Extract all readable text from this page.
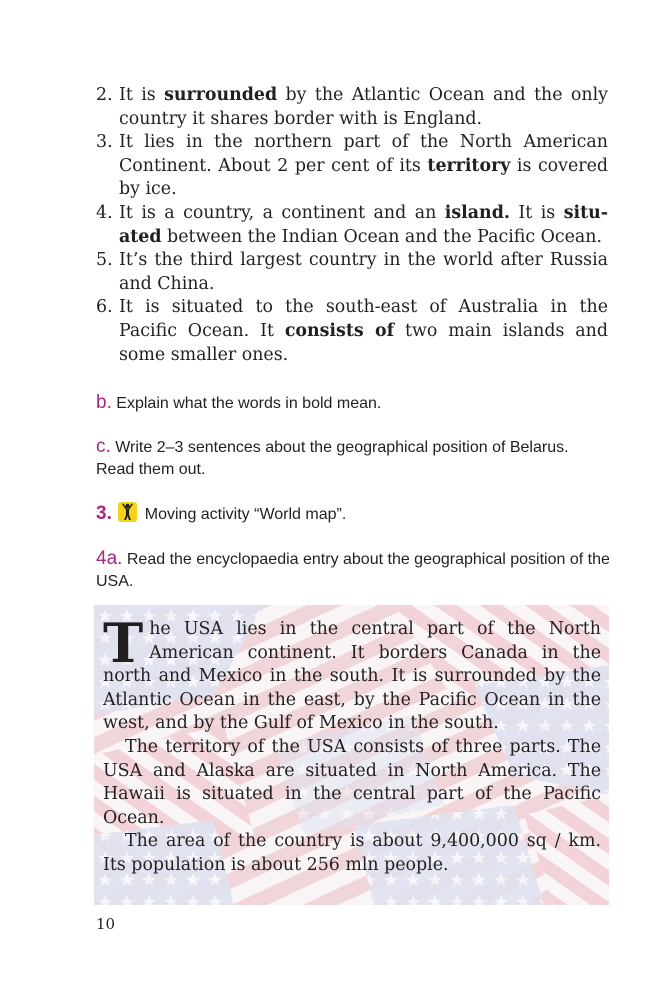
2. It is surrounded by the Atlantic Ocean and the only country it shares border with is England.
3. It lies in the northern part of the North American Continent. About 2 per cent of its territory is covered by ice.
4. It is a country, a continent and an island. It is situated between the Indian Ocean and the Pacific Ocean.
5. It’s the third largest country in the world after Russia and China.
6. It is situated to the south-east of Australia in the Pacific Ocean. It consists of two main islands and some smaller ones.
b. Explain what the words in bold mean.
c. Write 2–3 sentences about the geographical position of Belarus. Read them out.
3.
Moving activity “World map”.
4a. Read the encyclopaedia entry about the geographical position of the USA.

The USA lies in the central part of the North American continent. It borders Canada in the north and Mexico in the south. It is surrounded by the Atlantic Ocean in the east, by the Pacific Ocean in the west, and by the Gulf of Mexico in the south.

The territory of the USA consists of three parts. The USA and Alaska are situated in North America. The Hawaii is situated in the central part of the Pacific Ocean.

The area of the country is about 9,400,000 sq / km. Its population is about 256 mln people.

10
